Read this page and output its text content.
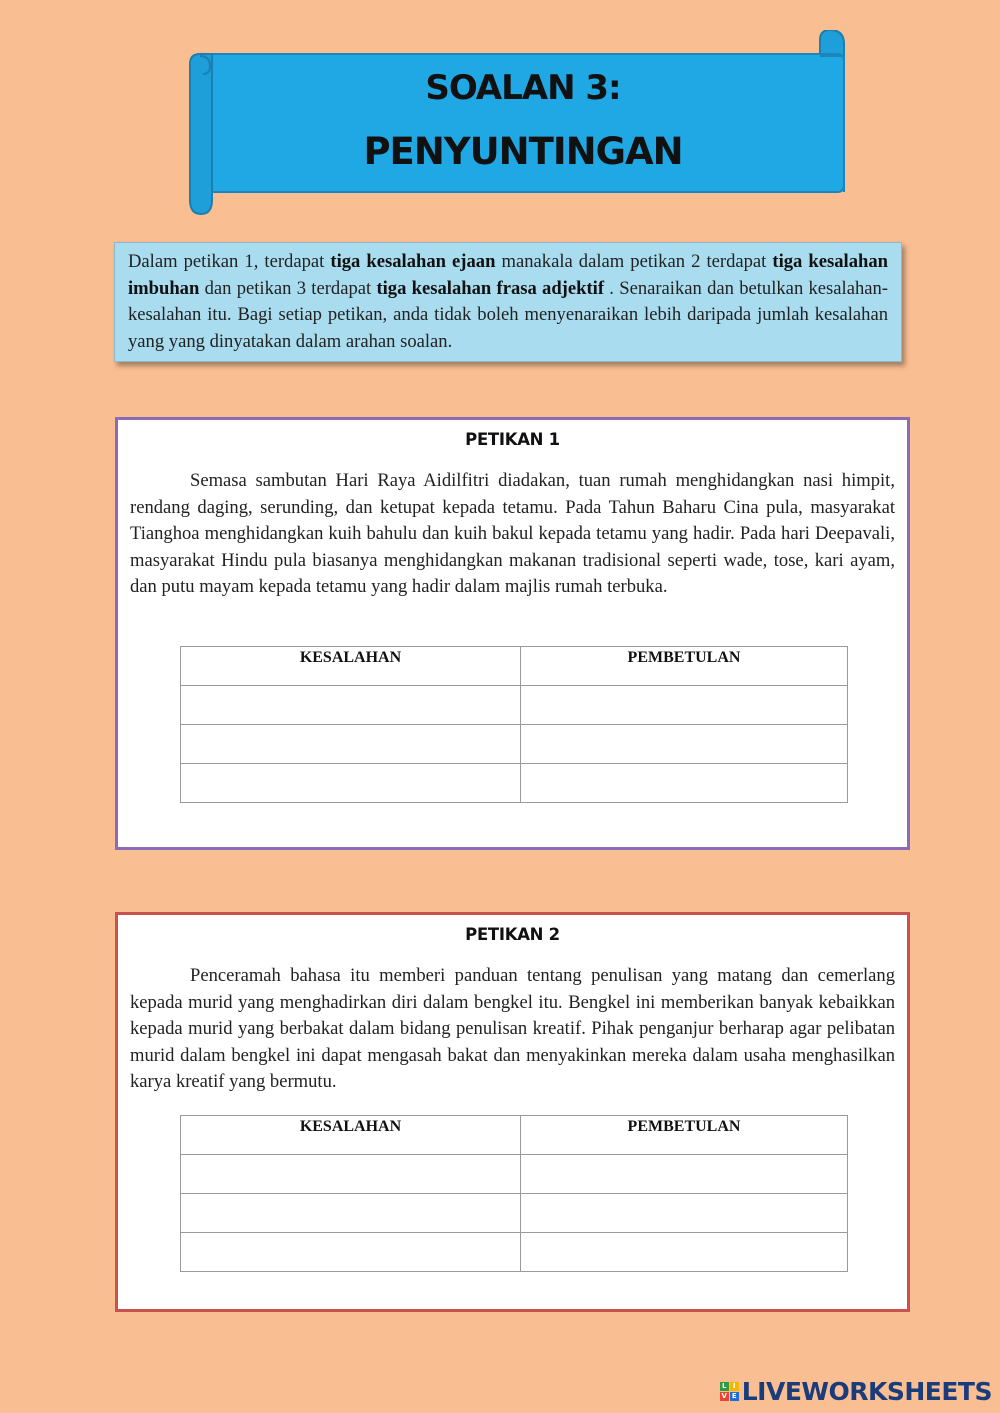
SOALAN 3:
PENYUNTINGAN
Dalam petikan 1, terdapat tiga kesalahan ejaan manakala dalam petikan 2 terdapat tiga kesalahan imbuhan dan petikan 3 terdapat tiga kesalahan frasa adjektif . Senaraikan dan betulkan kesalahan-kesalahan itu. Bagi setiap petikan, anda tidak boleh menyenaraikan lebih daripada jumlah kesalahan yang yang dinyatakan dalam arahan soalan.
PETIKAN 1
Semasa sambutan Hari Raya Aidilfitri diadakan, tuan rumah menghidangkan nasi himpit, rendang daging, serunding, dan ketupat kepada tetamu. Pada Tahun Baharu Cina pula, masyarakat Tianghoa menghidangkan kuih bahulu dan kuih bakul kepada tetamu yang hadir. Pada hari Deepavali, masyarakat Hindu pula biasanya menghidangkan makanan tradisional seperti wade, tose, kari ayam, dan putu mayam kepada tetamu yang hadir dalam majlis rumah terbuka.
KESALAHAN	PEMBETULAN

PETIKAN 2
Penceramah bahasa itu memberi panduan tentang penulisan yang matang dan cemerlang kepada murid yang menghadirkan diri dalam bengkel itu. Bengkel ini memberikan banyak kebaikkan kepada murid yang berbakat dalam bidang penulisan kreatif. Pihak penganjur berharap agar pelibatan murid dalam bengkel ini dapat mengasah bakat dan menyakinkan mereka dalam usaha menghasilkan karya kreatif yang bermutu.
KESALAHAN	PEMBETULAN

L I
V E LIVEWORKSHEETS
